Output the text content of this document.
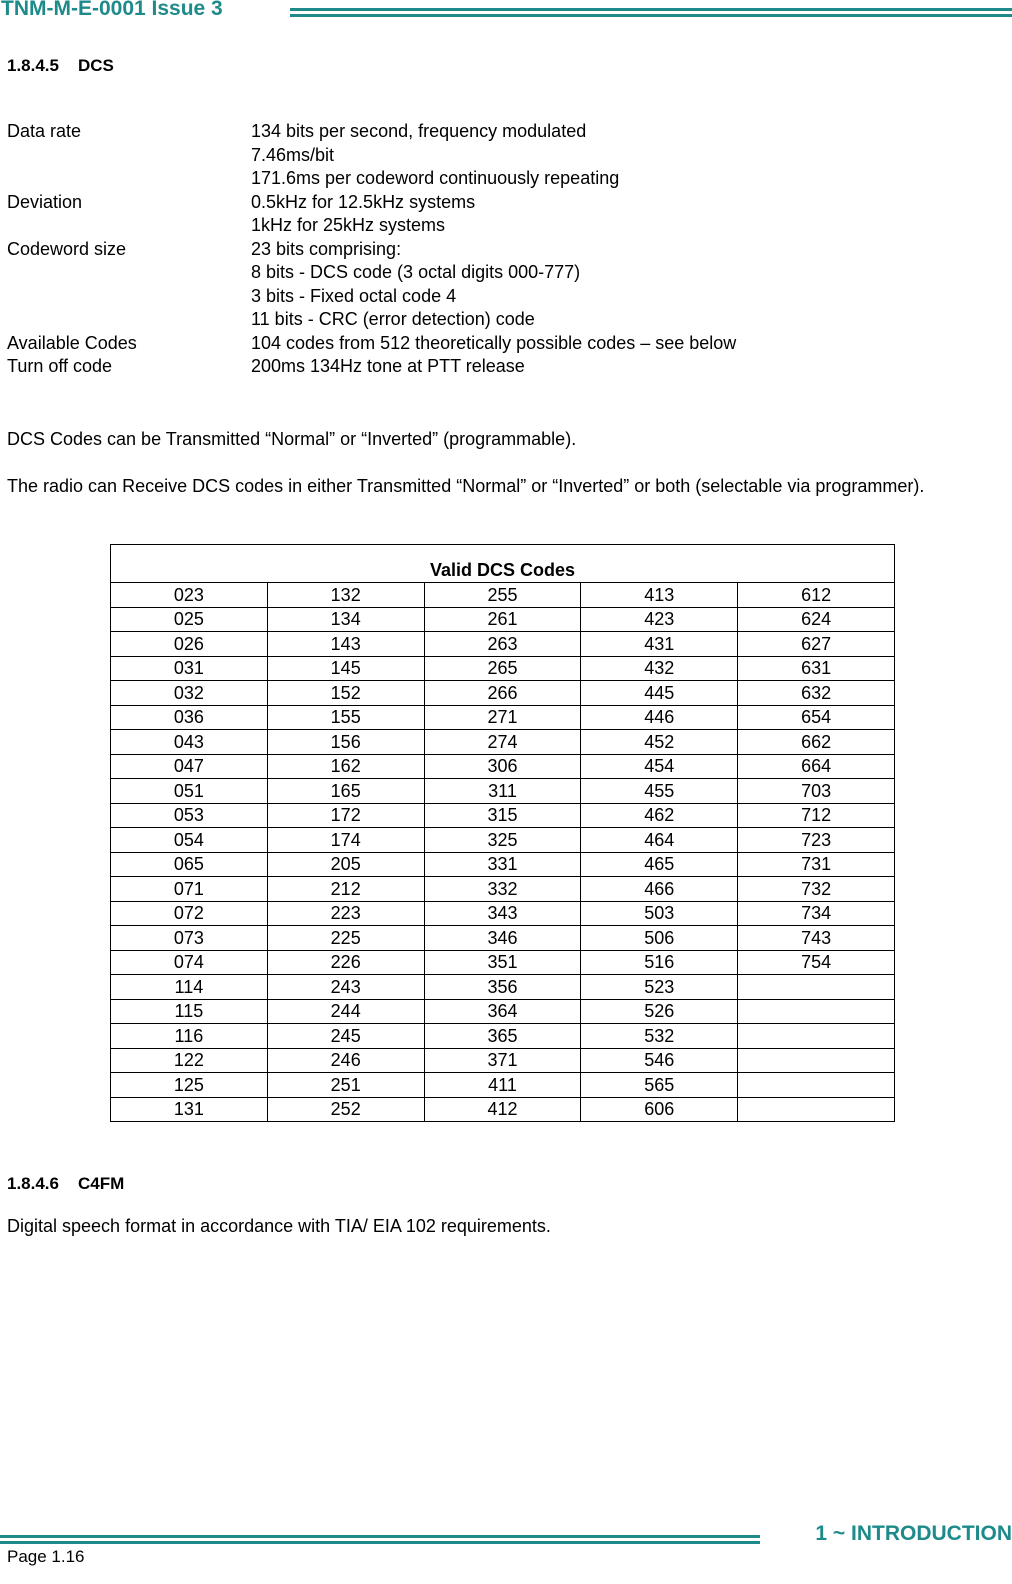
TNM-M-E-0001 Issue 3
1.8.4.5 DCS
Data rate	134 bits per second, frequency modulated
7.46ms/bit
171.6ms per codeword continuously repeating
Deviation	0.5kHz for 12.5kHz systems
1kHz for 25kHz systems
Codeword size	23 bits comprising:
8 bits - DCS code (3 octal digits 000-777)
3 bits - Fixed octal code 4
11 bits - CRC (error detection) code
Available Codes	104 codes from 512 theoretically possible codes – see below
Turn off code	200ms 134Hz tone at PTT release
DCS Codes can be Transmitted “Normal” or “Inverted” (programmable).
The radio can Receive DCS codes in either Transmitted “Normal” or “Inverted” or both (selectable via programmer).
Valid DCS Codes				
023	132	255	413	612
025	134	261	423	624
026	143	263	431	627
031	145	265	432	631
032	152	266	445	632
036	155	271	446	654
043	156	274	452	662
047	162	306	454	664
051	165	311	455	703
053	172	315	462	712
054	174	325	464	723
065	205	331	465	731
071	212	332	466	732
072	223	343	503	734
073	225	346	506	743
074	226	351	516	754
114	243	356	523	
115	244	364	526	
116	245	365	532	
122	246	371	546	
125	251	411	565	
131	252	412	606	
1.8.4.6 C4FM
Digital speech format in accordance with TIA/ EIA 102 requirements.
1 ~ INTRODUCTION
Page 1.16
